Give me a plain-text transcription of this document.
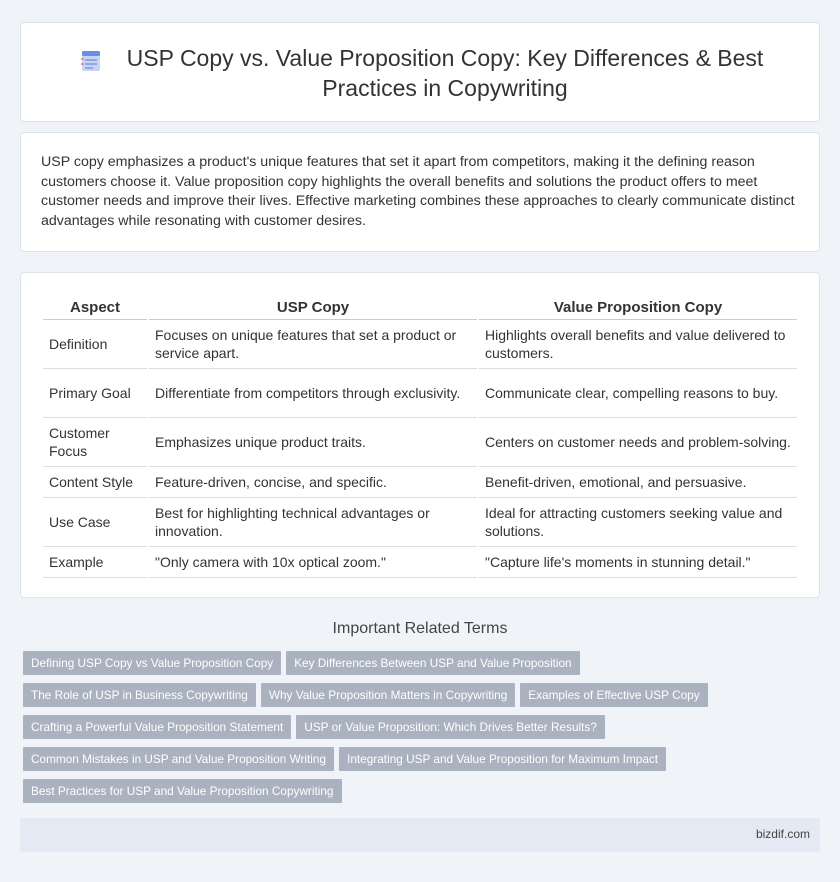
USP Copy vs. Value Proposition Copy: Key Differences & Best Practices in Copywriting

USP copy emphasizes a product's unique features that set it apart from competitors, making it the defining reason customers choose it. Value proposition copy highlights the overall benefits and solutions the product offers to meet customer needs and improve their lives. Effective marketing combines these approaches to clearly communicate distinct advantages while resonating with customer desires.

Aspect	USP Copy	Value Proposition Copy
Definition	Focuses on unique features that set a product or service apart.	Highlights overall benefits and value delivered to customers.
Primary Goal	Differentiate from competitors through exclusivity.	Communicate clear, compelling reasons to buy.
Customer Focus	Emphasizes unique product traits.	Centers on customer needs and problem-solving.
Content Style	Feature-driven, concise, and specific.	Benefit-driven, emotional, and persuasive.
Use Case	Best for highlighting technical advantages or innovation.	Ideal for attracting customers seeking value and solutions.
Example	"Only camera with 10x optical zoom."	"Capture life's moments in stunning detail."
Important Related Terms
Defining USP Copy vs Value Proposition Copy Key Differences Between USP and Value Proposition
The Role of USP in Business Copywriting Why Value Proposition Matters in Copywriting Examples of Effective USP Copy
Crafting a Powerful Value Proposition Statement USP or Value Proposition: Which Drives Better Results?
Common Mistakes in USP and Value Proposition Writing Integrating USP and Value Proposition for Maximum Impact
Best Practices for USP and Value Proposition Copywriting
bizdif.com
